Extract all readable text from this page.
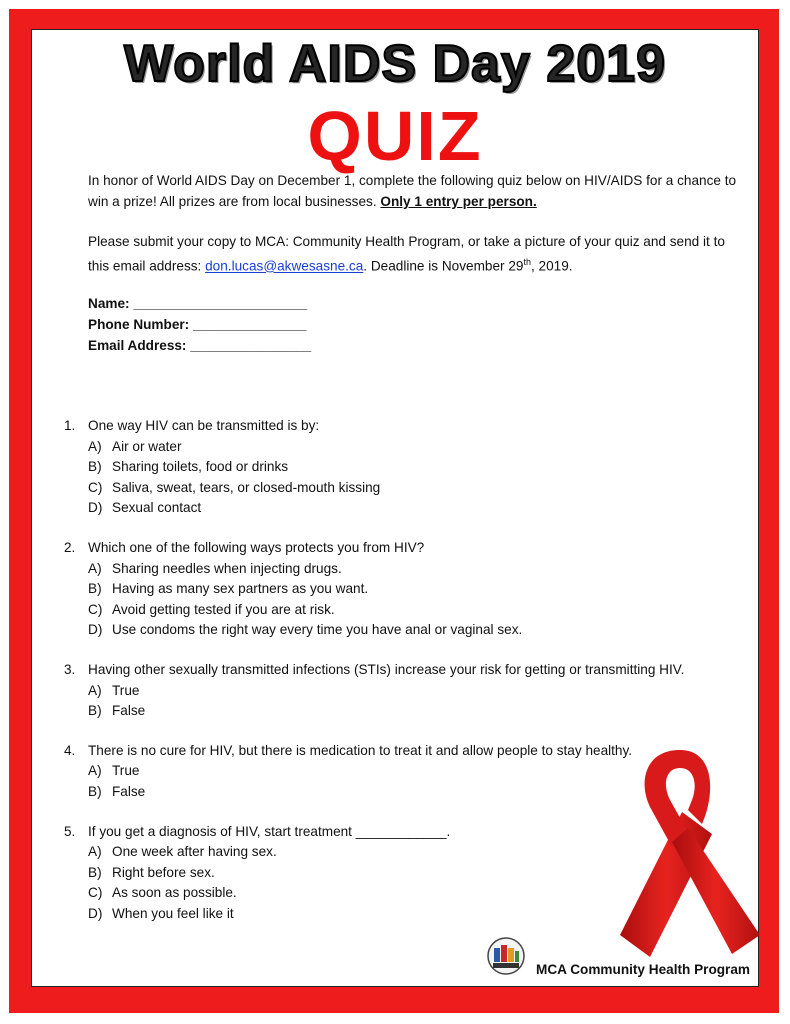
World AIDS Day 2019
QUIZ
In honor of World AIDS Day on December 1, complete the following quiz below on HIV/AIDS for a chance to win a prize! All prizes are from local businesses. Only 1 entry per person.
Please submit your copy to MCA: Community Health Program, or take a picture of your quiz and send it to this email address: don.lucas@akwesasne.ca. Deadline is November 29th, 2019.
Name: _______________________
Phone Number: _______________
Email Address: ________________
1. One way HIV can be transmitted is by:
A) Air or water
B) Sharing toilets, food or drinks
C) Saliva, sweat, tears, or closed-mouth kissing
D) Sexual contact
2. Which one of the following ways protects you from HIV?
A) Sharing needles when injecting drugs.
B) Having as many sex partners as you want.
C) Avoid getting tested if you are at risk.
D) Use condoms the right way every time you have anal or vaginal sex.
3. Having other sexually transmitted infections (STIs) increase your risk for getting or transmitting HIV.
A) True
B) False
4. There is no cure for HIV, but there is medication to treat it and allow people to stay healthy.
A) True
B) False
5. If you get a diagnosis of HIV, start treatment ____________.
A) One week after having sex.
B) Right before sex.
C) As soon as possible.
D) When you feel like it
MCA Community Health Program
